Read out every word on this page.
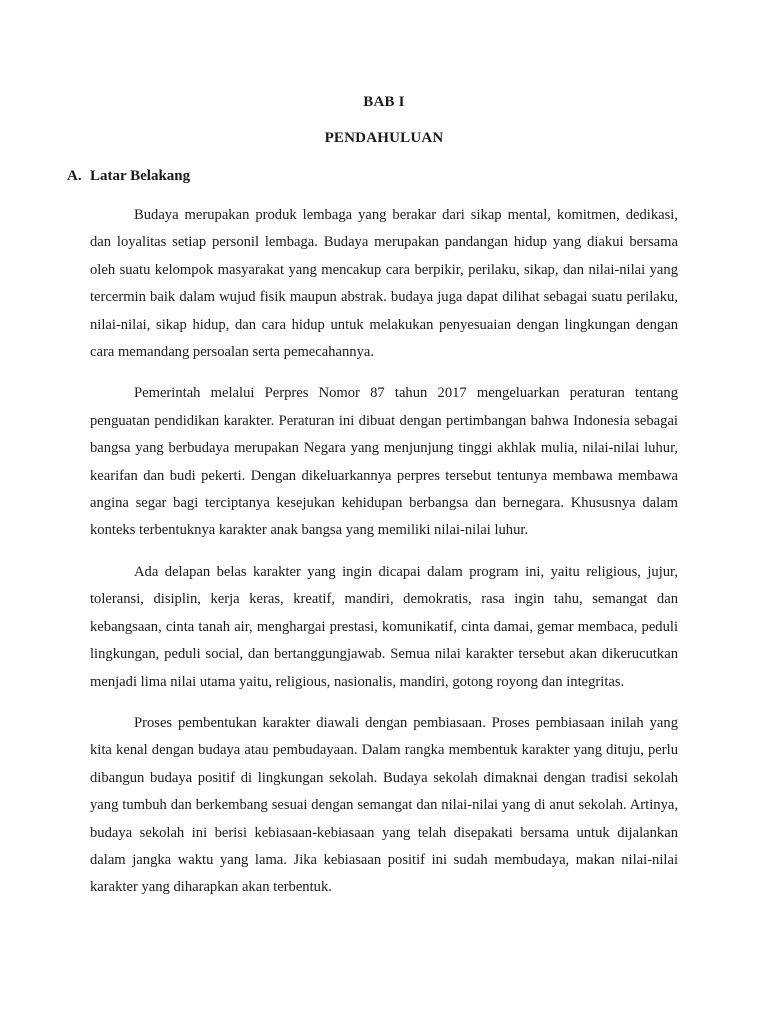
BAB I
PENDAHULUAN
A. Latar Belakang

Budaya merupakan produk lembaga yang berakar dari sikap mental, komitmen, dedikasi, dan loyalitas setiap personil lembaga. Budaya merupakan pandangan hidup yang diakui bersama oleh suatu kelompok masyarakat yang mencakup cara berpikir, perilaku, sikap, dan nilai-nilai yang tercermin baik dalam wujud fisik maupun abstrak. budaya juga dapat dilihat sebagai suatu perilaku, nilai-nilai, sikap hidup, dan cara hidup untuk melakukan penyesuaian dengan lingkungan dengan cara memandang persoalan serta pemecahannya.

Pemerintah melalui Perpres Nomor 87 tahun 2017 mengeluarkan peraturan tentang penguatan pendidikan karakter. Peraturan ini dibuat dengan pertimbangan bahwa Indonesia sebagai bangsa yang berbudaya merupakan Negara yang menjunjung tinggi akhlak mulia, nilai-nilai luhur, kearifan dan budi pekerti. Dengan dikeluarkannya perpres tersebut tentunya membawa membawa angina segar bagi terciptanya kesejukan kehidupan berbangsa dan bernegara. Khususnya dalam konteks terbentuknya karakter anak bangsa yang memiliki nilai-nilai luhur.

Ada delapan belas karakter yang ingin dicapai dalam program ini, yaitu religious, jujur, toleransi, disiplin, kerja keras, kreatif, mandiri, demokratis, rasa ingin tahu, semangat dan kebangsaan, cinta tanah air, menghargai prestasi, komunikatif, cinta damai, gemar membaca, peduli lingkungan, peduli social, dan bertanggungjawab. Semua nilai karakter tersebut akan dikerucutkan menjadi lima nilai utama yaitu, religious, nasionalis, mandiri, gotong royong dan integritas.

Proses pembentukan karakter diawali dengan pembiasaan. Proses pembiasaan inilah yang kita kenal dengan budaya atau pembudayaan. Dalam rangka membentuk karakter yang dituju, perlu dibangun budaya positif di lingkungan sekolah. Budaya sekolah dimaknai dengan tradisi sekolah yang tumbuh dan berkembang sesuai dengan semangat dan nilai-nilai yang di anut sekolah. Artinya, budaya sekolah ini berisi kebiasaan-kebiasaan yang telah disepakati bersama untuk dijalankan dalam jangka waktu yang lama. Jika kebiasaan positif ini sudah membudaya, makan nilai-nilai karakter yang diharapkan akan terbentuk.
